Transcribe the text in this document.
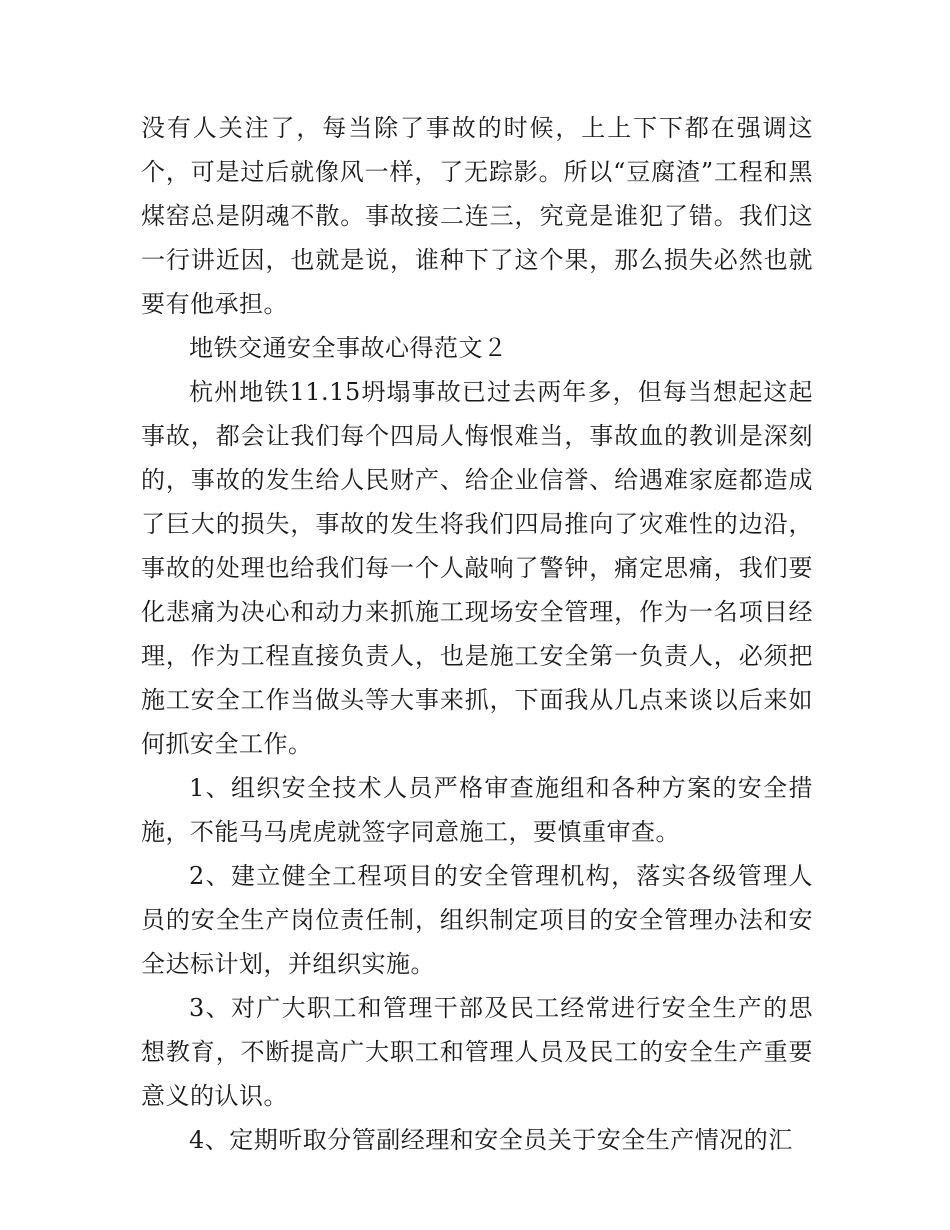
没有人关注了，每当除了事故的时候，上上下下都在强调这个，可是过后就像风一样，了无踪影。所以“豆腐渣”工程和黑煤窑总是阴魂不散。事故接二连三，究竟是谁犯了错。我们这一行讲近因，也就是说，谁种下了这个果，那么损失必然也就要有他承担。

地铁交通安全事故心得范文２

杭州地铁11.15坍塌事故已过去两年多，但每当想起这起事故，都会让我们每个四局人悔恨难当，事故血的教训是深刻的，事故的发生给人民财产、给企业信誉、给遇难家庭都造成了巨大的损失，事故的发生将我们四局推向了灾难性的边沿，事故的处理也给我们每一个人敲响了警钟，痛定思痛，我们要化悲痛为决心和动力来抓施工现场安全管理，作为一名项目经理，作为工程直接负责人，也是施工安全第一负责人，必须把施工安全工作当做头等大事来抓，下面我从几点来谈以后来如何抓安全工作。

1、组织安全技术人员严格审查施组和各种方案的安全措施，不能马马虎虎就签字同意施工，要慎重审查。

2、建立健全工程项目的安全管理机构，落实各级管理人员的安全生产岗位责任制，组织制定项目的安全管理办法和安全达标计划，并组织实施。

3、对广大职工和管理干部及民工经常进行安全生产的思想教育，不断提高广大职工和管理人员及民工的安全生产重要意义的认识。

4、定期听取分管副经理和安全员关于安全生产情况的汇
